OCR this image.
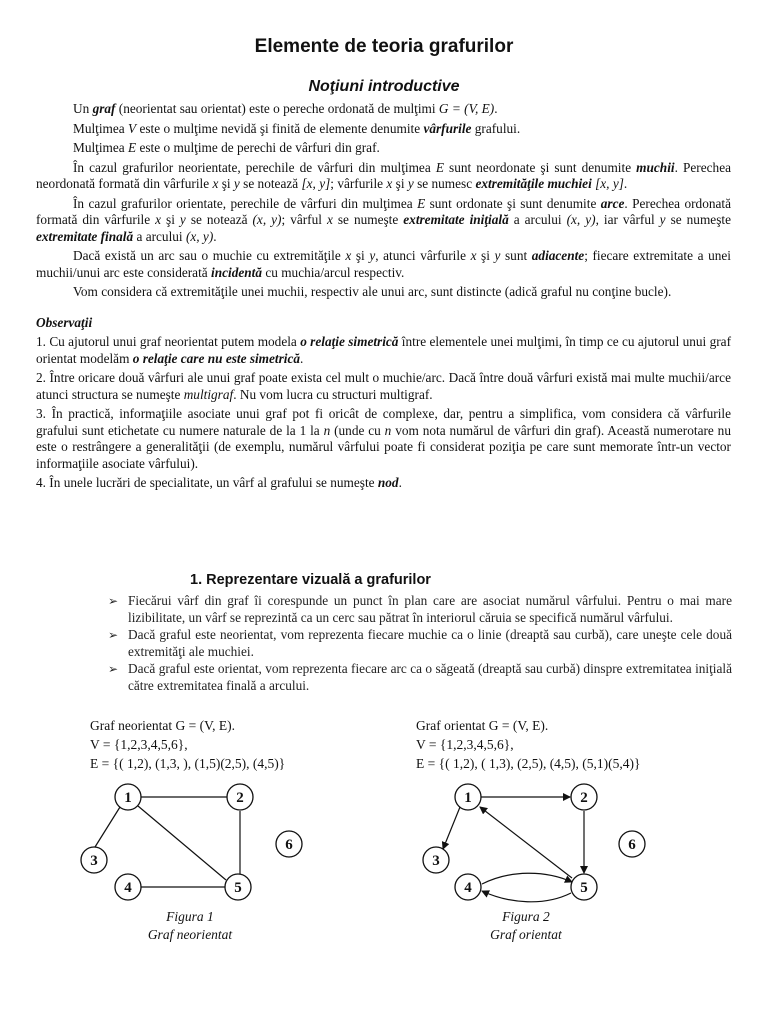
Elemente de teoria grafurilor
Noţiuni introductive

Un graf (neorientat sau orientat) este o pereche ordonată de mulţimi G = (V, E).

Mulţimea V este o mulţime nevidă şi finită de elemente denumite vârfurile grafului.

Mulţimea E este o mulţime de perechi de vârfuri din graf.

În cazul grafurilor neorientate, perechile de vârfuri din mulţimea E sunt neordonate şi sunt denumite muchii. Perechea neordonată formată din vârfurile x şi y se notează [x, y]; vârfurile x şi y se numesc extremităţile muchiei [x, y].

În cazul grafurilor orientate, perechile de vârfuri din mulţimea E sunt ordonate şi sunt denumite arce. Perechea ordonată formată din vârfurile x şi y se notează (x, y); vârful x se numeşte extremitate iniţială a arcului (x, y), iar vârful y se numeşte extremitate finală a arcului (x, y).

Dacă există un arc sau o muchie cu extremităţile x şi y, atunci vârfurile x şi y sunt adiacente; fiecare extremitate a unei muchii/unui arc este considerată incidentă cu muchia/arcul respectiv.

Vom considera că extremităţile unei muchii, respectiv ale unui arc, sunt distincte (adică graful nu conţine bucle).

Observaţii

1. Cu ajutorul unui graf neorientat putem modela o relaţie simetrică între elementele unei mulţimi, în timp ce cu ajutorul unui graf orientat modelăm o relaţie care nu este simetrică.

2. Între oricare două vârfuri ale unui graf poate exista cel mult o muchie/arc. Dacă între două vârfuri există mai multe muchii/arce atunci structura se numeşte multigraf. Nu vom lucra cu structuri multigraf.

3. În practică, informaţiile asociate unui graf pot fi oricât de complexe, dar, pentru a simplifica, vom considera că vârfurile grafului sunt etichetate cu numere naturale de la 1 la n (unde cu n vom nota numărul de vârfuri din graf). Această numerotare nu este o restrângere a generalităţii (de exemplu, numărul vârfului poate fi considerat poziţia pe care sunt memorate într-un vector informaţiile asociate vârfului).

4. În unele lucrări de specialitate, un vârf al grafului se numeşte nod.

1. Reprezentare vizuală a grafurilor
➢ Fiecărui vârf din graf îi corespunde un punct în plan care are asociat numărul vârfului. Pentru o mai mare lizibilitate, un vârf se reprezintă ca un cerc sau pătrat în interiorul căruia se specifică numărul vârfului.
➢ Dacă graful este neorientat, vom reprezenta fiecare muchie ca o linie (dreaptă sau curbă), care uneşte cele două extremităţi ale muchiei.
➢ Dacă graful este orientat, vom reprezenta fiecare arc ca o săgeată (dreaptă sau curbă) dinspre extremitatea iniţială către extremitatea finală a arcului.
Graf neorientat G = (V, E).
V = {1,2,3,4,5,6},
E = {( 1,2), (1,3, ), (1,5)(2,5), (4,5)}
Graf orientat G = (V, E).
V = {1,2,3,4,5,6},
E = {( 1,2), ( 1,3), (2,5), (4,5), (5,1)(5,4)}
1	2
3
4	5
6
1	2
3
4	5
6
Figura 1
Graf neorientat
Figura 2
Graf orientat
